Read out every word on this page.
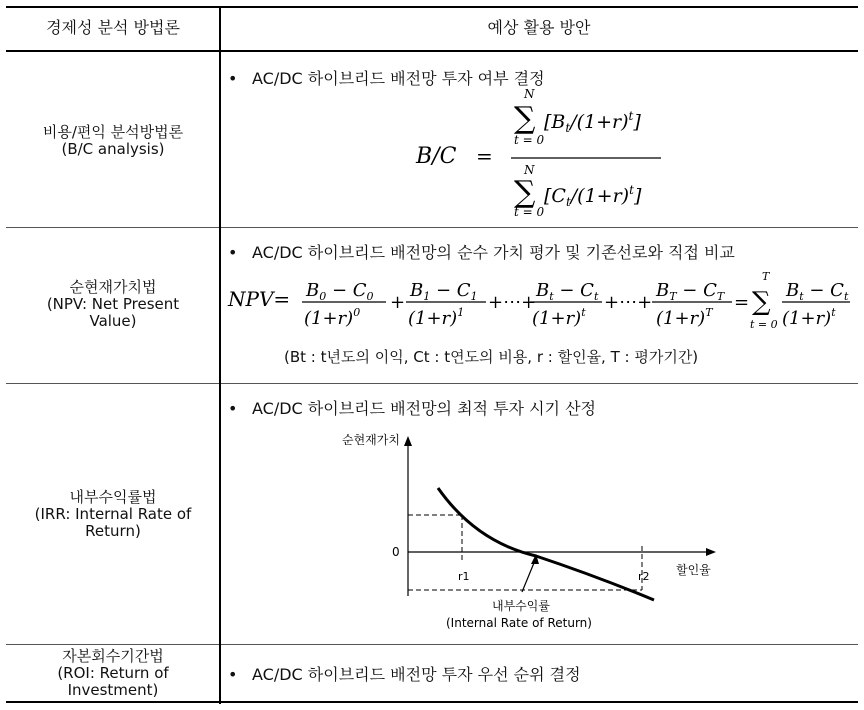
경제성 분석 방법론	예상 활용 방안
비용/편익 분석방법론
(B/C analysis)
• AC/DC 하이브리드 배전망 투자 여부 결정
B/C =
N
∑
t = 0
$[B_t/(1+r)^t]$
N
∑
t = 0
$[C_t/(1+r)^t]$
순현재가치법
(NPV: Net Present
Value)
• AC/DC 하이브리드 배전망의 순수 가치 평가 및 기존선로와 직접 비교
$NPV= B_0 - C_0$
$(1+r)^0$ +
$B_1 - C_1$
$(1+r)^1$ +⋯+
$B_t - C_t$
$(1+r)^t$ +⋯+
$B_T - C_T$
$(1+r)^T$ =
T
∑
t = 0
$B_t - C_t$
$(1+r)^t$
(Bt : t년도의 이익, Ct : t연도의 비용, r : 할인율, T : 평가기간)
내부수익률법
(IRR: Internal Rate of
Return)
• AC/DC 하이브리드 배전망의 최적 투자 시기 산정
순현재가치
0
r1	r2 할인율
내부수익률
(Internal Rate of Return)
자본회수기간법
(ROI: Return of
Investment)
• AC/DC 하이브리드 배전망 투자 우선 순위 결정
